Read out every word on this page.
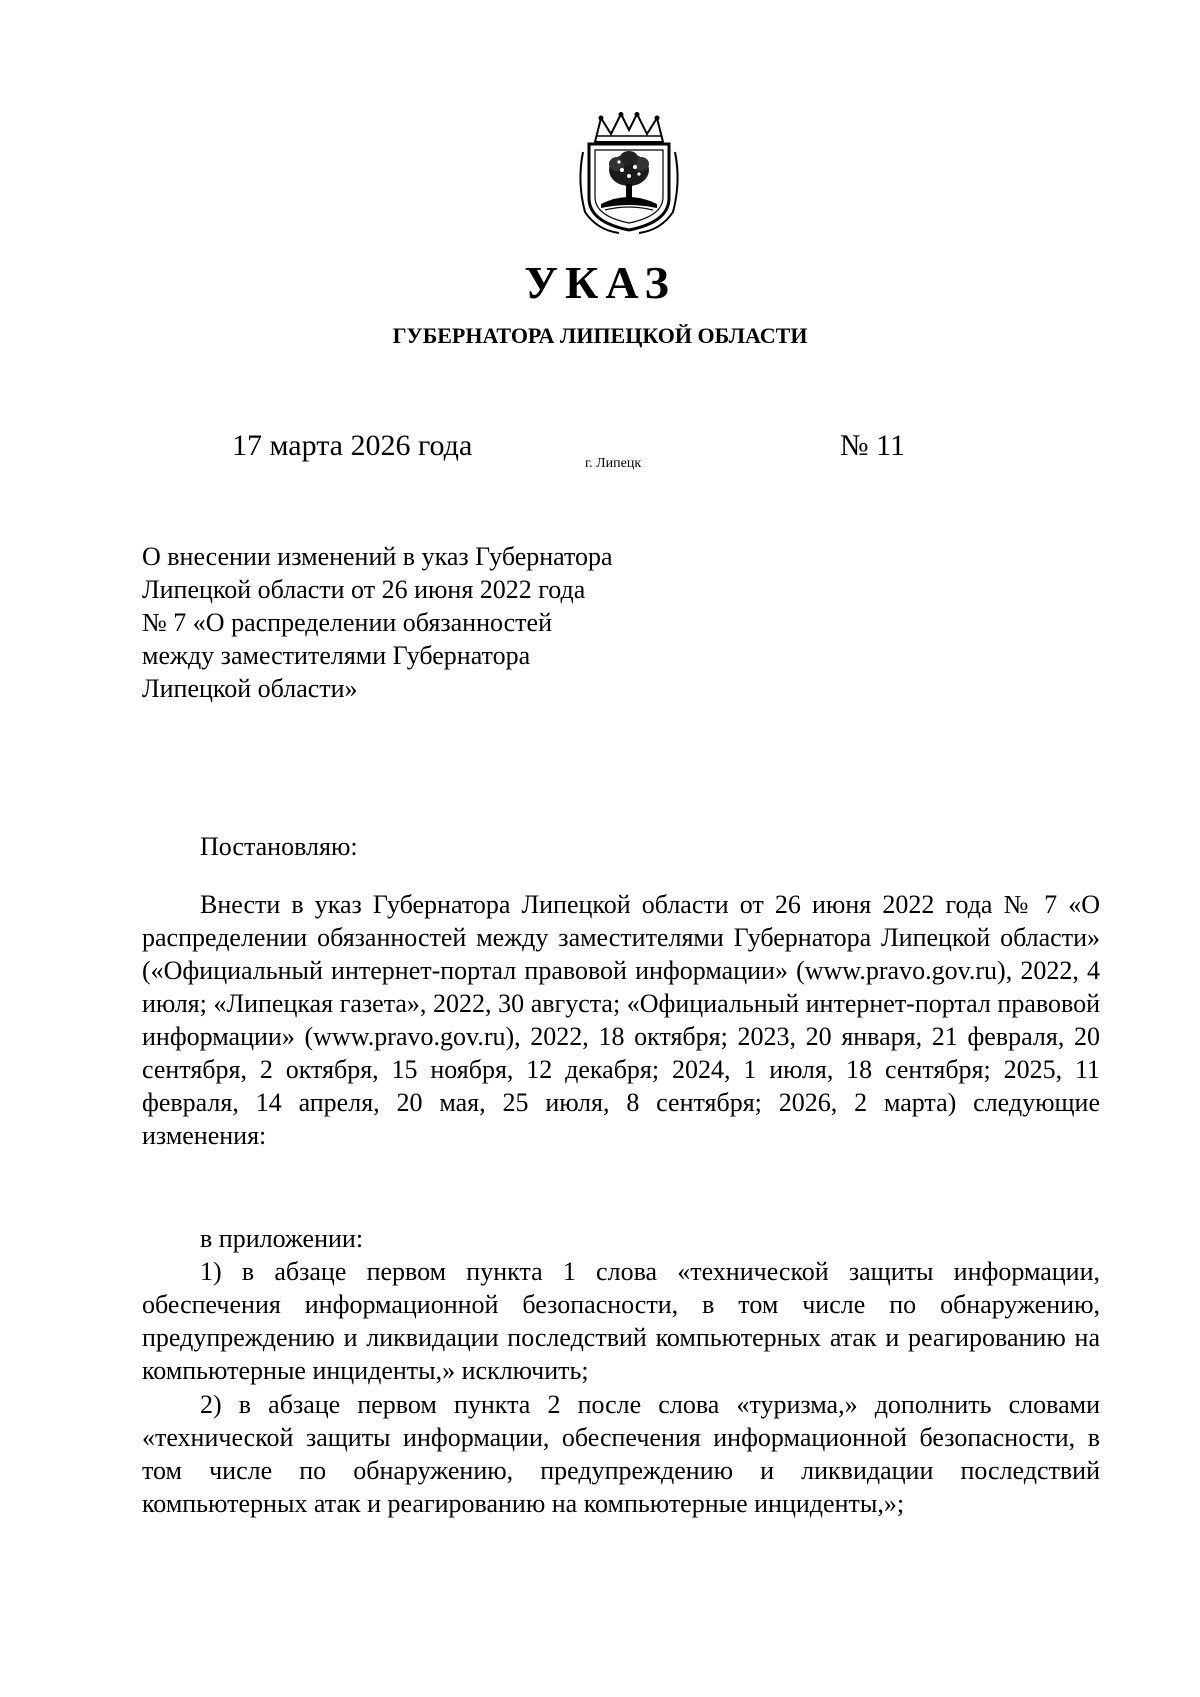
УКАЗ
ГУБЕРНАТОРА ЛИПЕЦКОЙ ОБЛАСТИ
17 марта 2026 года
г. Липецк
№ 11
О внесении изменений в указ Губернатора
Липецкой области от 26 июня 2022 года
№ 7 «О распределении обязанностей
между заместителями Губернатора
Липецкой области»
Постановляю:

Внести в указ Губернатора Липецкой области от 26 июня 2022 года № 7 «О распределении обязанностей между заместителями Губернатора Липецкой области» («Официальный интернет-портал правовой информации» (www.pravo.gov.ru), 2022, 4 июля; «Липецкая газета», 2022, 30 августа; «Официальный интернет-портал правовой информации» (www.pravo.gov.ru), 2022, 18 октября; 2023, 20 января, 21 февраля, 20 сентября, 2 октября, 15 ноября, 12 декабря; 2024, 1 июля, 18 сентября; 2025, 11 февраля, 14 апреля, 20 мая, 25 июля, 8 сентября; 2026, 2 марта) следующие изменения:

в приложении:

1) в абзаце первом пункта 1 слова «технической защиты информации, обеспечения информационной безопасности, в том числе по обнаружению, предупреждению и ликвидации последствий компьютерных атак и реагированию на компьютерные инциденты,» исключить;

2) в абзаце первом пункта 2 после слова «туризма,» дополнить словами «технической защиты информации, обеспечения информационной безопасности, в том числе по обнаружению, предупреждению и ликвидации последствий компьютерных атак и реагированию на компьютерные инциденты,»;
